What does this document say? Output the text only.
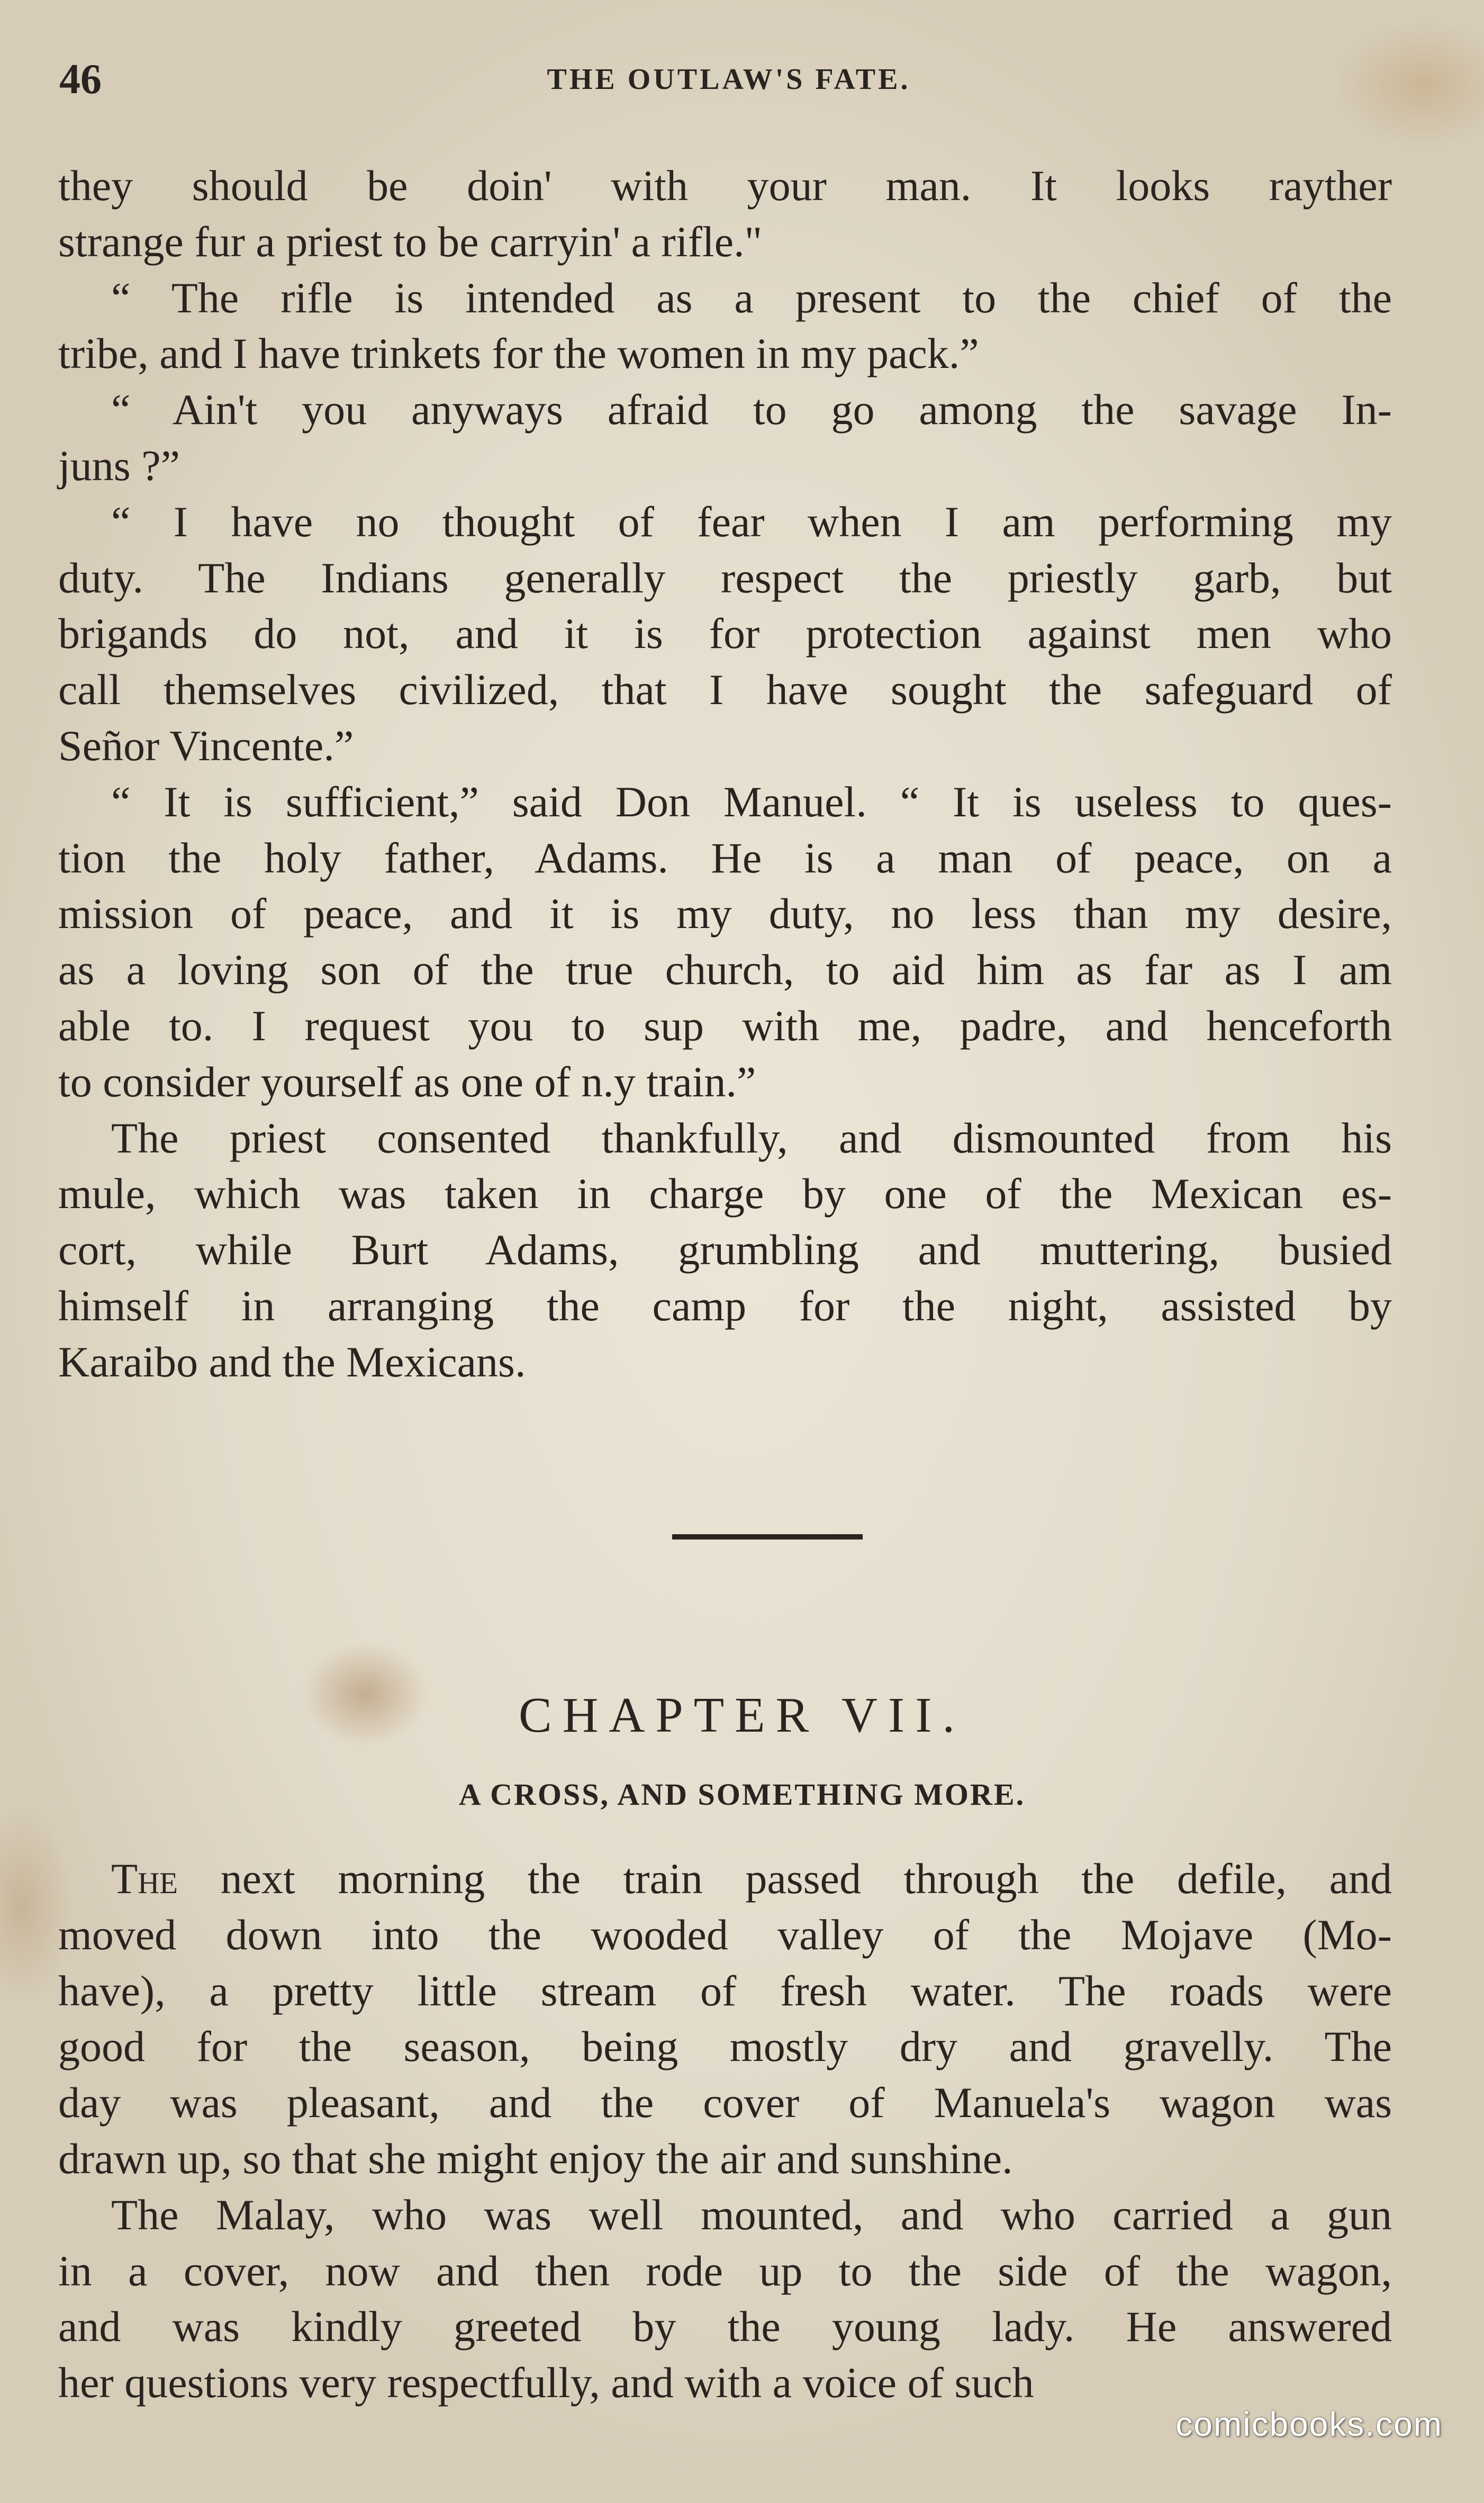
46	THE OUTLAW'S FATE.

they should be doin' with your man. It looks rayther

strange fur a priest to be carryin' a rifle."

“ The rifle is intended as a present to the chief of the

tribe, and I have trinkets for the women in my pack.”

“ Ain't you anyways afraid to go among the savage In-

juns ?”

“ I have no thought of fear when I am performing my

duty. The Indians generally respect the priestly garb, but

brigands do not, and it is for protection against men who

call themselves civilized, that I have sought the safeguard of

Señor Vincente.”

“ It is sufficient,” said Don Manuel. “ It is useless to ques-

tion the holy father, Adams. He is a man of peace, on a

mission of peace, and it is my duty, no less than my desire,

as a loving son of the true church, to aid him as far as I am

able to. I request you to sup with me, padre, and henceforth

to consider yourself as one of n.y train.”

The priest consented thankfully, and dismounted from his

mule, which was taken in charge by one of the Mexican es-

cort, while Burt Adams, grumbling and muttering, busied

himself in arranging the camp for the night, assisted by

Karaibo and the Mexicans.

CHAPTER VII.
A CROSS, AND SOMETHING MORE.

The next morning the train passed through the defile, and

moved down into the wooded valley of the Mojave (Mo-

have), a pretty little stream of fresh water. The roads were

good for the season, being mostly dry and gravelly. The

day was pleasant, and the cover of Manuela's wagon was

drawn up, so that she might enjoy the air and sunshine.

The Malay, who was well mounted, and who carried a gun

in a cover, now and then rode up to the side of the wagon,

and was kindly greeted by the young lady. He answered

her questions very respectfully, and with a voice of such

comicbooks.com
